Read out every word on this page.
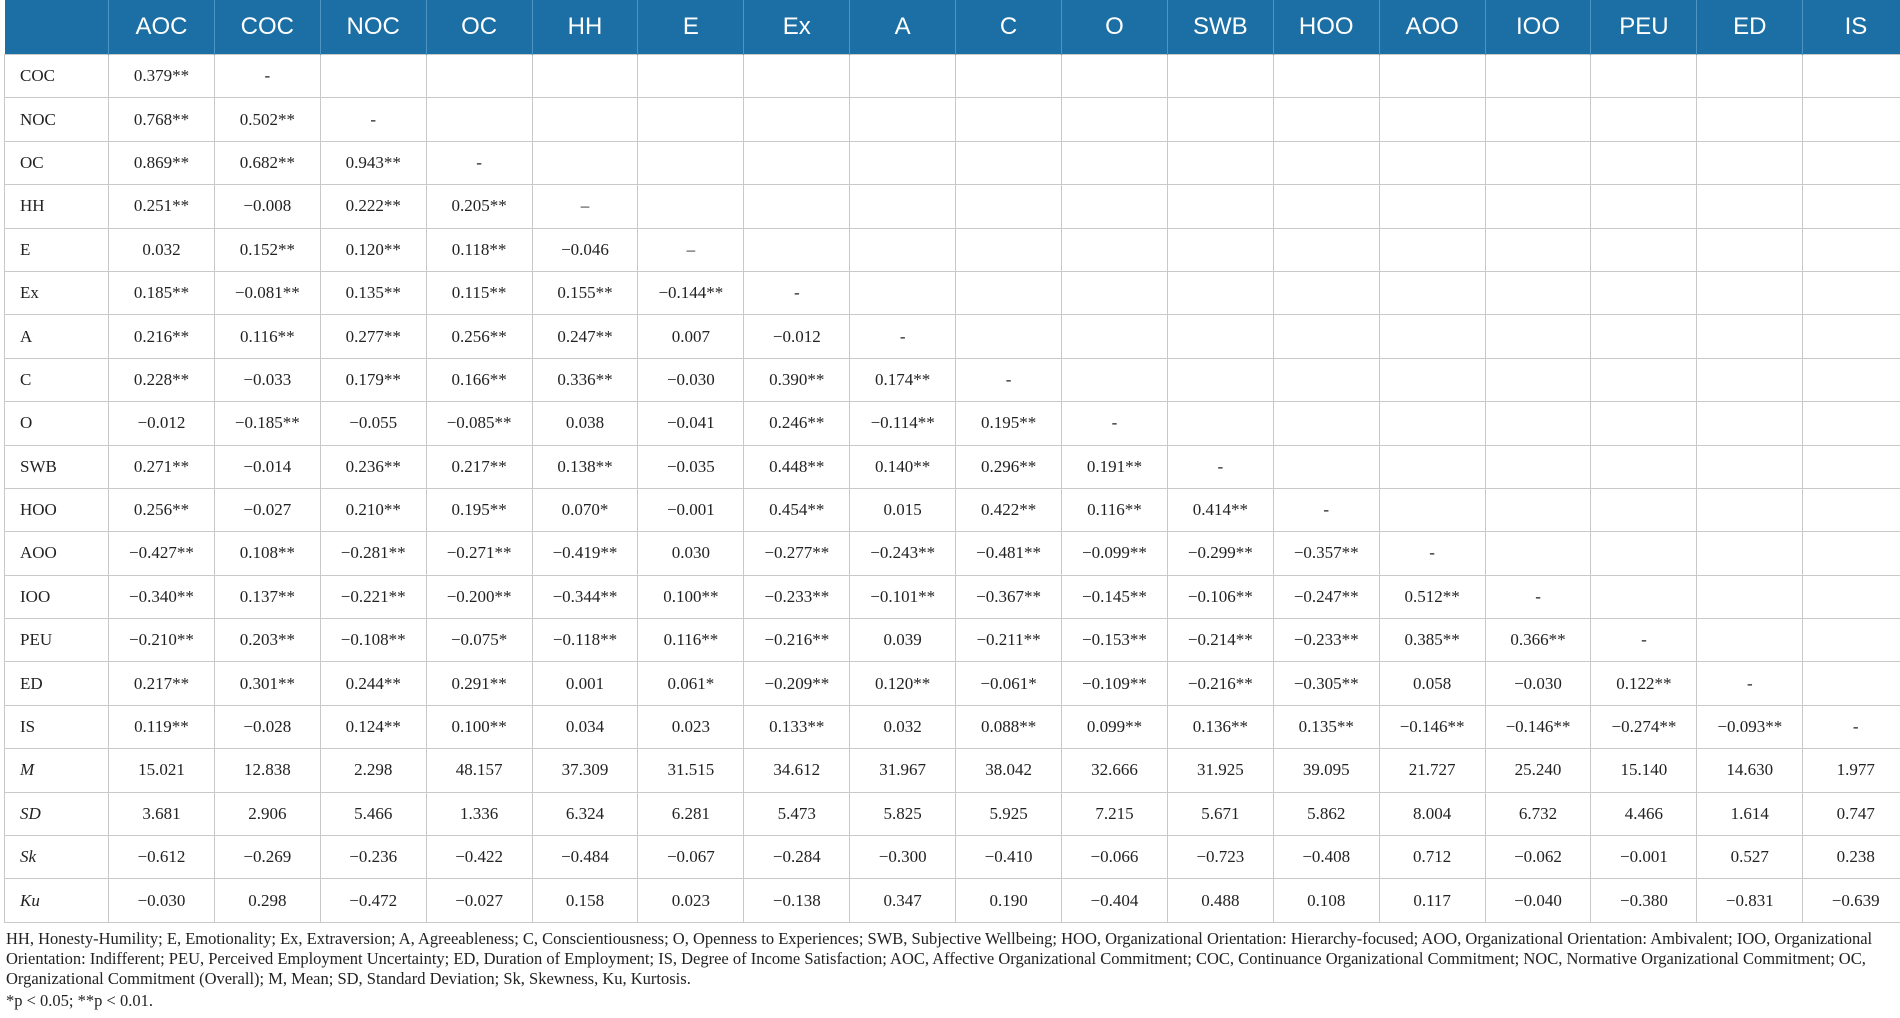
	AOC	COC	NOC	OC	HH	E	Ex	A	C	O	SWB	HOO	AOO	IOO	PEU	ED	IS
COC	0.379**	-															
NOC	0.768**	0.502**	-														
OC	0.869**	0.682**	0.943**	-													
HH	0.251**	−0.008	0.222**	0.205**	–												
E	0.032	0.152**	0.120**	0.118**	−0.046	–											
Ex	0.185**	−0.081**	0.135**	0.115**	0.155**	−0.144**	-										
A	0.216**	0.116**	0.277**	0.256**	0.247**	0.007	−0.012	-									
C	0.228**	−0.033	0.179**	0.166**	0.336**	−0.030	0.390**	0.174**	-								
O	−0.012	−0.185**	−0.055	−0.085**	0.038	−0.041	0.246**	−0.114**	0.195**	-							
SWB	0.271**	−0.014	0.236**	0.217**	0.138**	−0.035	0.448**	0.140**	0.296**	0.191**	-						
HOO	0.256**	−0.027	0.210**	0.195**	0.070*	−0.001	0.454**	0.015	0.422**	0.116**	0.414**	-					
AOO	−0.427**	0.108**	−0.281**	−0.271**	−0.419**	0.030	−0.277**	−0.243**	−0.481**	−0.099**	−0.299**	−0.357**	-				
IOO	−0.340**	0.137**	−0.221**	−0.200**	−0.344**	0.100**	−0.233**	−0.101**	−0.367**	−0.145**	−0.106**	−0.247**	0.512**	-			
PEU	−0.210**	0.203**	−0.108**	−0.075*	−0.118**	0.116**	−0.216**	0.039	−0.211**	−0.153**	−0.214**	−0.233**	0.385**	0.366**	-		
ED	0.217**	0.301**	0.244**	0.291**	0.001	0.061*	−0.209**	0.120**	−0.061*	−0.109**	−0.216**	−0.305**	0.058	−0.030	0.122**	-	
IS	0.119**	−0.028	0.124**	0.100**	0.034	0.023	0.133**	0.032	0.088**	0.099**	0.136**	0.135**	−0.146**	−0.146**	−0.274**	−0.093**	-
M	15.021	12.838	2.298	48.157	37.309	31.515	34.612	31.967	38.042	32.666	31.925	39.095	21.727	25.240	15.140	14.630	1.977
SD	3.681	2.906	5.466	1.336	6.324	6.281	5.473	5.825	5.925	7.215	5.671	5.862	8.004	6.732	4.466	1.614	0.747
Sk	−0.612	−0.269	−0.236	−0.422	−0.484	−0.067	−0.284	−0.300	−0.410	−0.066	−0.723	−0.408	0.712	−0.062	−0.001	0.527	0.238
Ku	−0.030	0.298	−0.472	−0.027	0.158	0.023	−0.138	0.347	0.190	−0.404	0.488	0.108	0.117	−0.040	−0.380	−0.831	−0.639
HH, Honesty-Humility; E, Emotionality; Ex, Extraversion; A, Agreeableness; C, Conscientiousness; O, Openness to Experiences; SWB, Subjective Wellbeing; HOO, Organizational Orientation: Hierarchy-focused; AOO, Organizational Orientation: Ambivalent; IOO, Organizational Orientation: Indifferent; PEU, Perceived Employment Uncertainty; ED, Duration of Employment; IS, Degree of Income Satisfaction; AOC, Affective Organizational Commitment; COC, Continuance Organizational Commitment; NOC, Normative Organizational Commitment; OC, Organizational Commitment (Overall); M, Mean; SD, Standard Deviation; Sk, Skewness, Ku, Kurtosis.
*p < 0.05; **p < 0.01.
